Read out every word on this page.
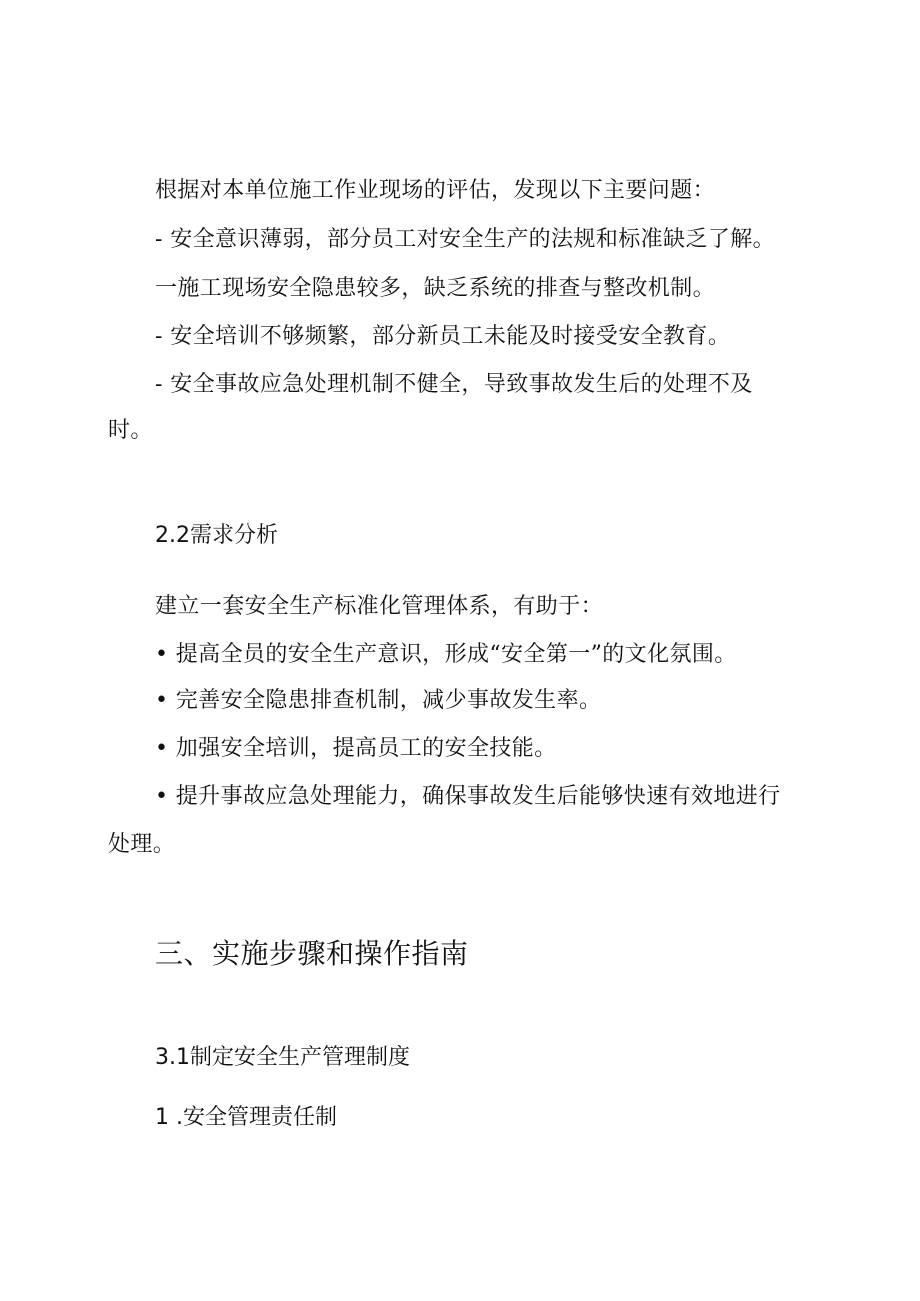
根据对本单位施工作业现场的评估，发现以下主要问题：
- 安全意识薄弱，部分员工对安全生产的法规和标准缺乏了解。
一施工现场安全隐患较多，缺乏系统的排查与整改机制。
- 安全培训不够频繁，部分新员工未能及时接受安全教育。
- 安全事故应急处理机制不健全，导致事故发生后的处理不及
时。
2.2需求分析
建立一套安全生产标准化管理体系，有助于：
• 提高全员的安全生产意识，形成“安全第一”的文化氛围。
• 完善安全隐患排查机制，减少事故发生率。
• 加强安全培训，提高员工的安全技能。
• 提升事故应急处理能力，确保事故发生后能够快速有效地进行
处理。
三、实施步骤和操作指南
3.1制定安全生产管理制度
1 .安全管理责任制
